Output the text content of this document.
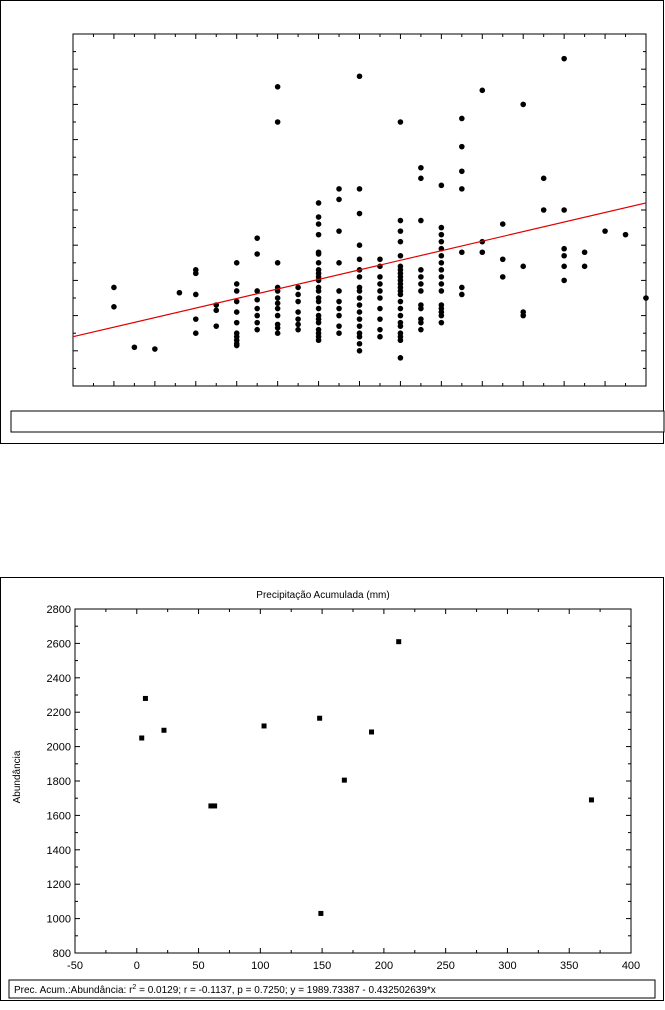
Precipitação Acumulada (mm)
Abundância
-50	0	50	100	150	200	250	300	350	400
800
1000
1200
1400
1600
1800
2000
2200
2400
2600
2800
Prec. Acum.:Abundância: $r^2 = 0.0129$; r = -0.1137, p = 0.7250; y = 1989.73387 - 0.432502639*x
